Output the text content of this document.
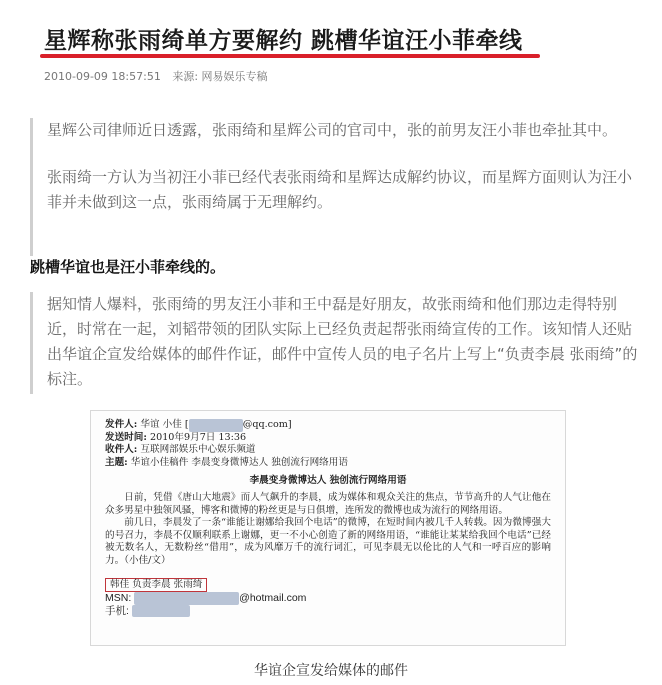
星辉称张雨绮单方要解约 跳槽华谊汪小菲牵线
2010-09-09 18:57:51 来源: 网易娱乐专稿

星辉公司律师近日透露，张雨绮和星辉公司的官司中，张的前男友汪小菲也牵扯其中。

张雨绮一方认为当初汪小菲已经代表张雨绮和星辉达成解约协议，而星辉方面则认为汪小菲并未做到这一点，张雨绮属于无理解约。

跳槽华谊也是汪小菲牵线的。

据知情人爆料，张雨绮的男友汪小菲和王中磊是好朋友，故张雨绮和他们那边走得特别近，时常在一起，刘韬带领的团队实际上已经负责起帮张雨绮宣传的工作。该知情人还贴出华谊企宣发给媒体的邮件作证，邮件中宣传人员的电子名片上写上“负责李晨 张雨绮”的标注。

发件人: 华谊 小佳 [	@qq.com]
发送时间: 2010年9月7日 13:36
收件人: 互联网部娱乐中心娱乐频道
主题: 华谊小佳稿件 李晨变身微博达人 独创流行网络用语
李晨变身微博达人 独创流行网络用语
日前，凭借《唐山大地震》而人气飙升的李晨，成为媒体和观众关注的焦点，节节高升的人气让他在众多男星中独领风骚，博客和微博的粉丝更是与日俱增，连所发的微博也成为流行的网络用语。
前几日，李晨发了一条“谁能让谢娜给我回个电话”的微博，在短时间内被几千人转载。因为微博强大的号召力，李晨不仅顺利联系上谢娜，更一不小心创造了新的网络用语，“谁能让某某给我回个电话”已经被无数名人，无数粉丝“借用”，成为风靡万千的流行词汇，可见李晨无以伦比的人气和一呼百应的影响力。（小佳/文）
韩佳 负责李晨 张雨绮
MSN:	@hotmail.com
手机:
华谊企宣发给媒体的邮件
